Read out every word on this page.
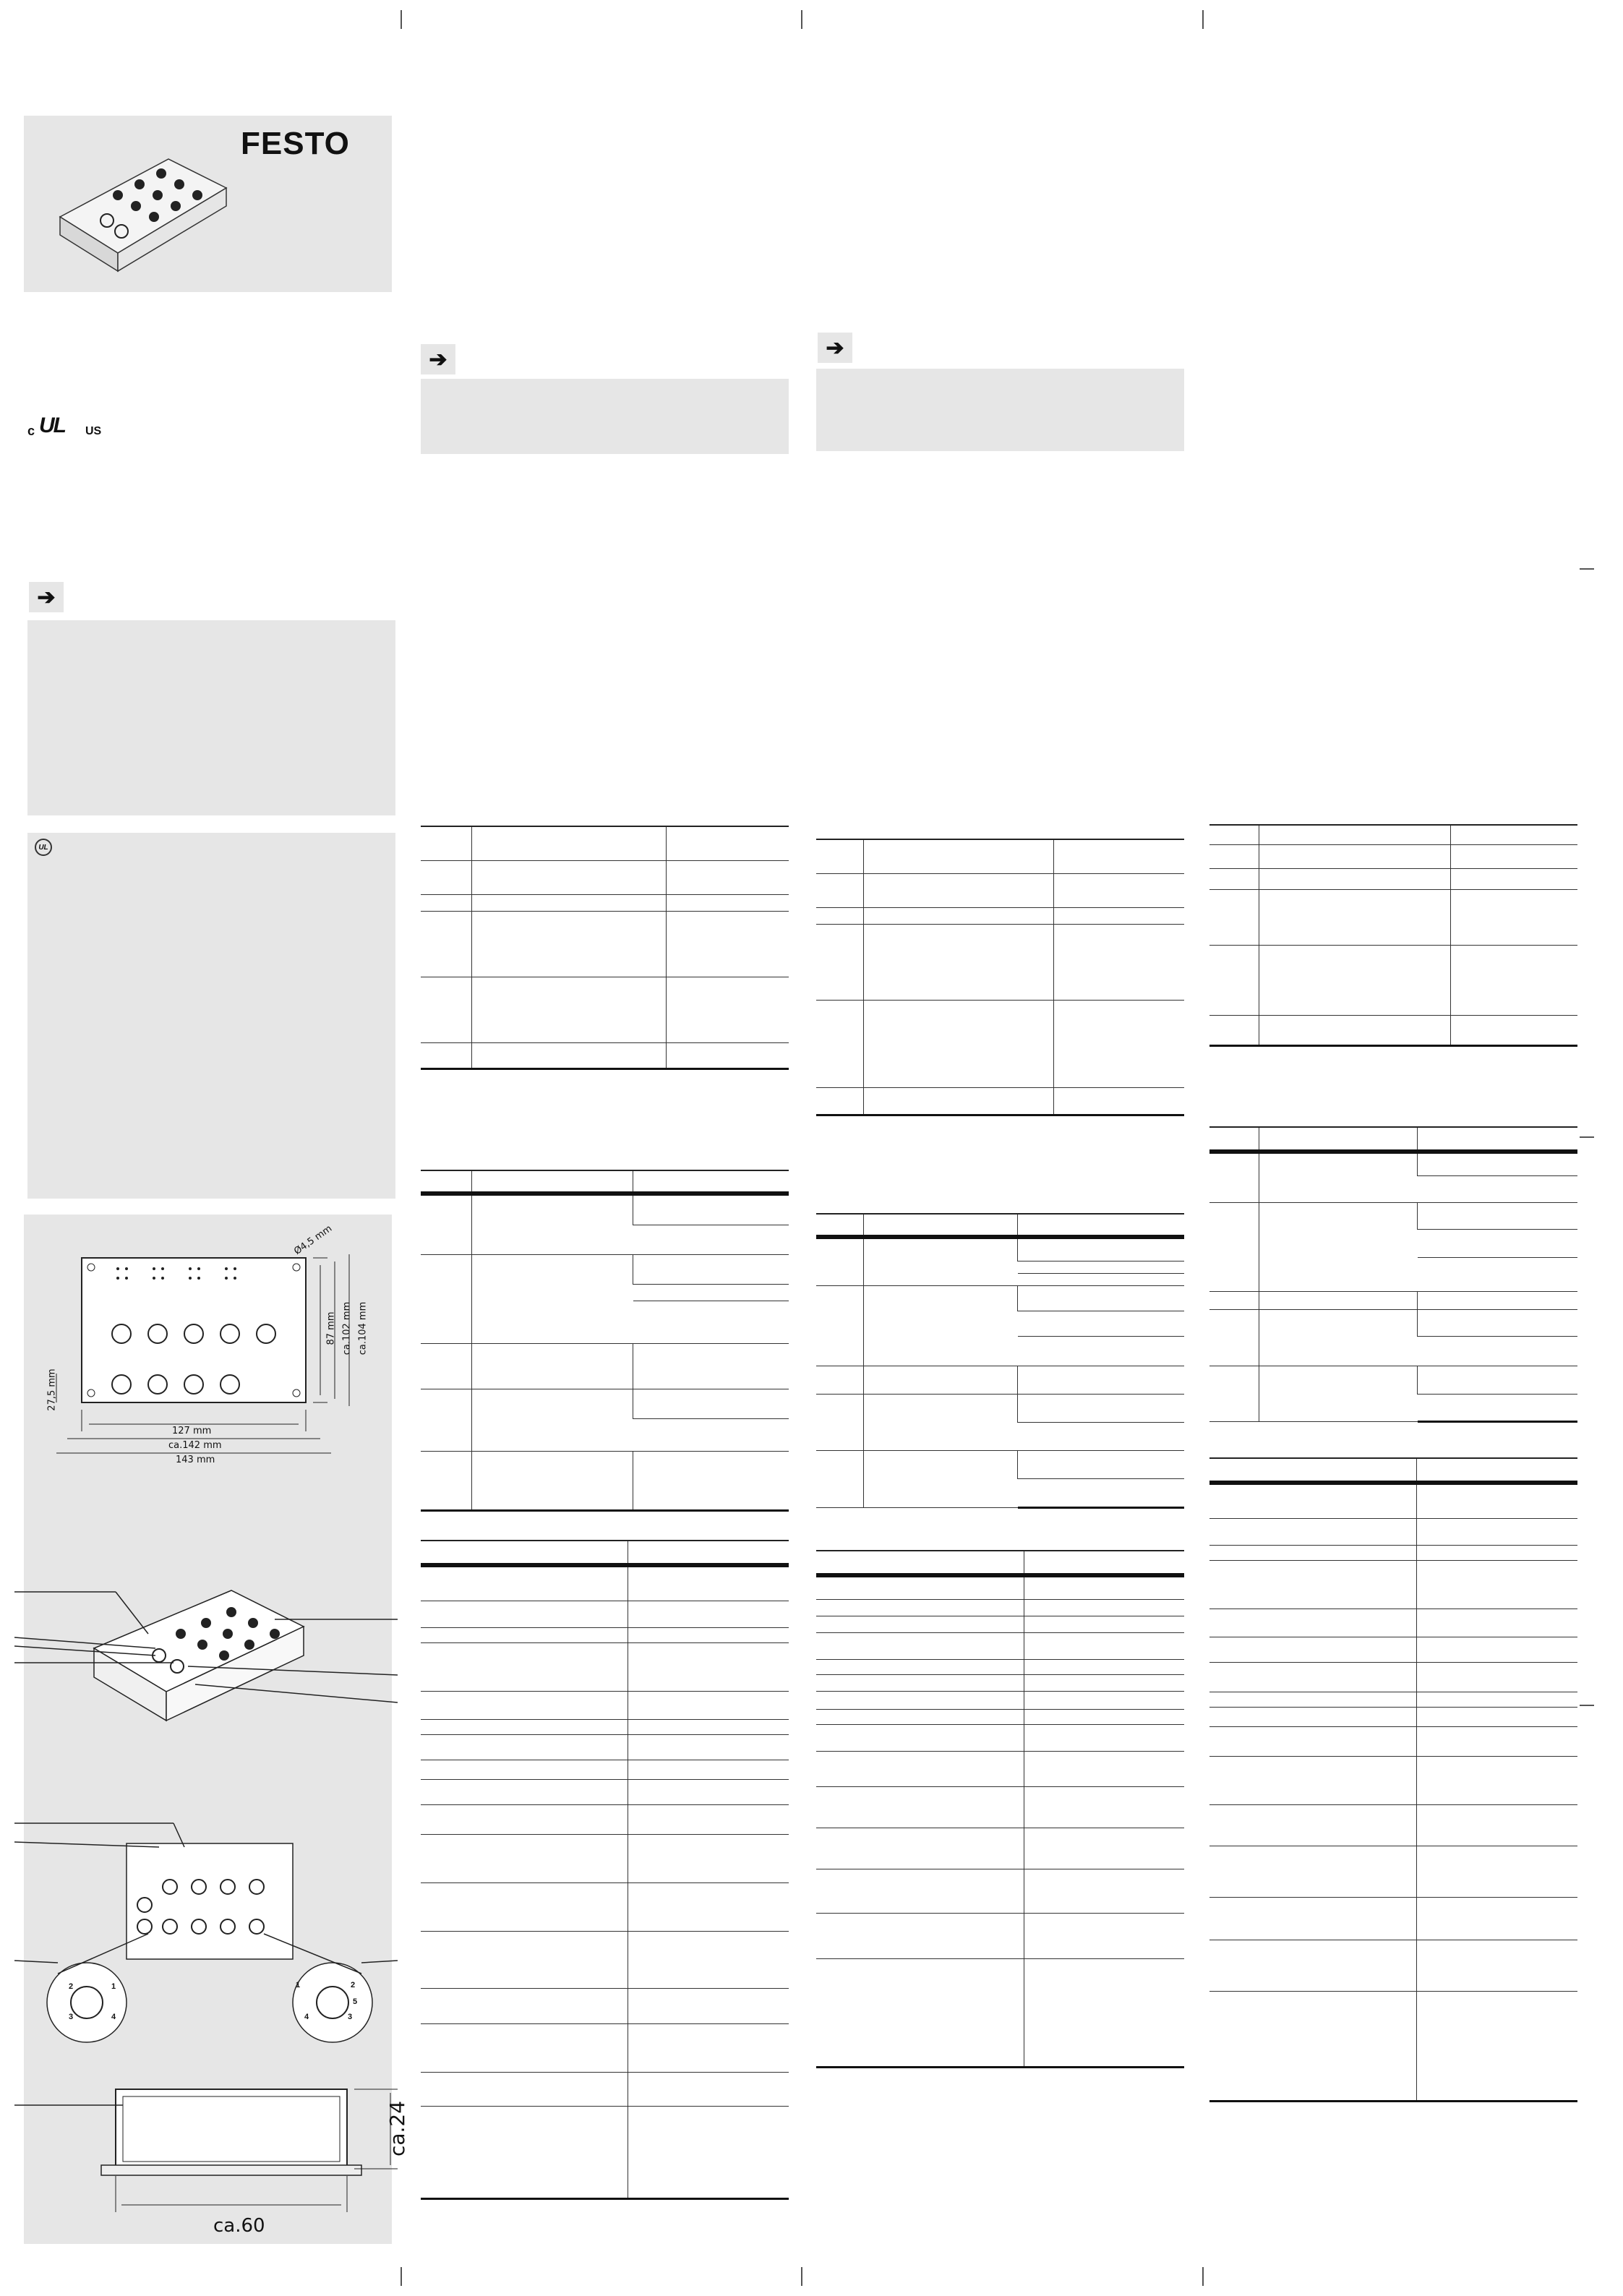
FESTO
c UL US
➔
UL
127 mm
ca.142 mm
143 mm
87 mm ca.102 mm ca.104 mm
27,5 mm
Ø4,5 mm
2	1
3	4
1	2
5
4	3
ca.24
ca.60
➔

		➔
